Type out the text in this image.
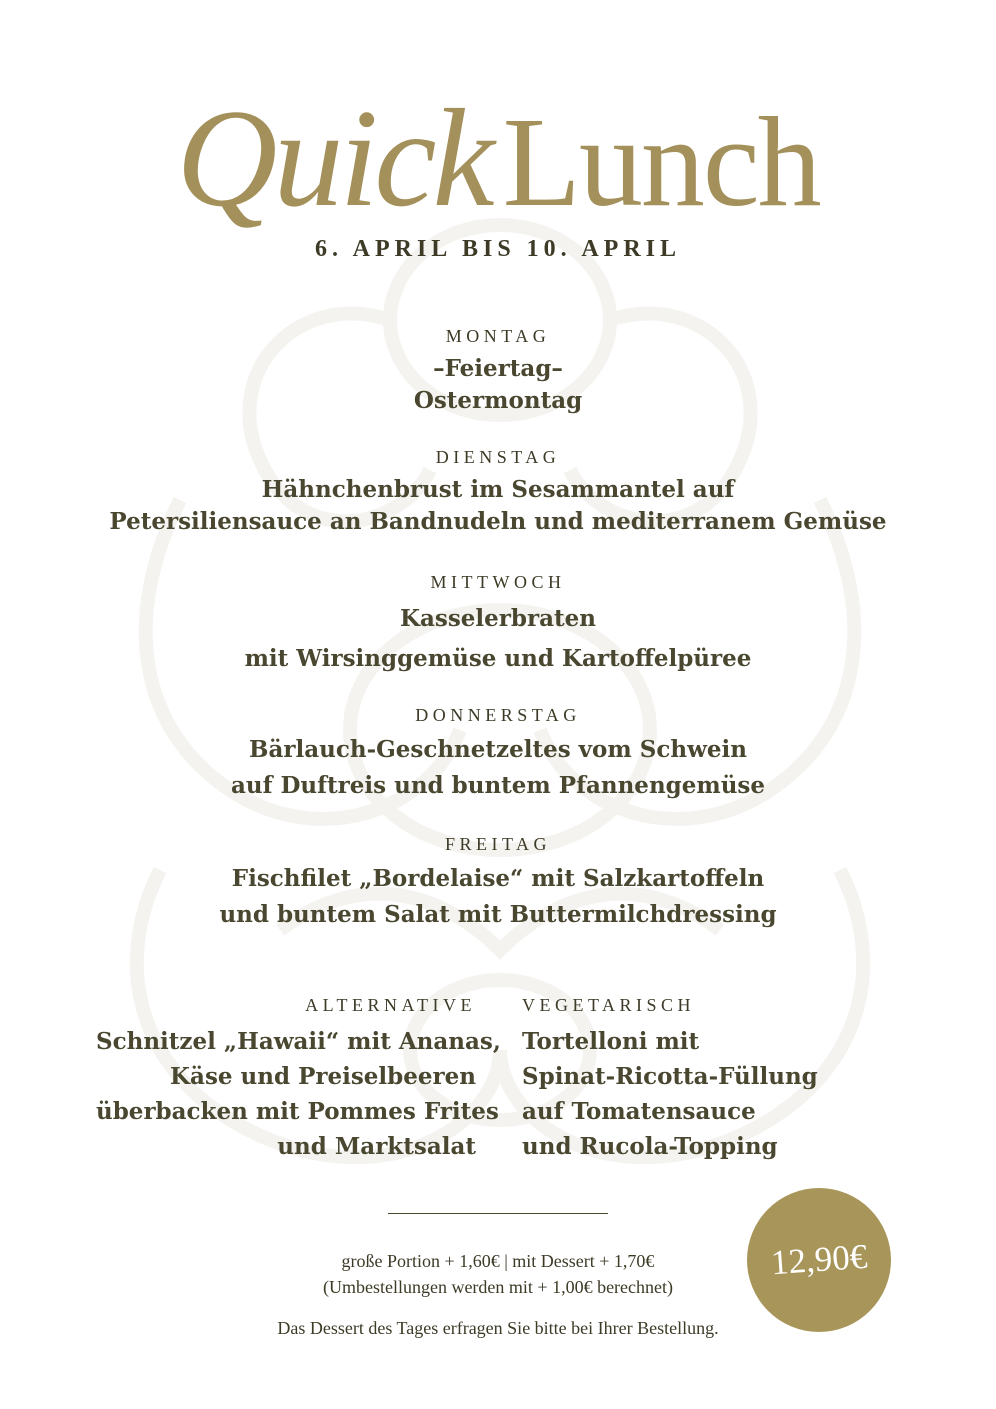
QuickLunch
6. APRIL BIS 10. APRIL
MONTAG
–Feiertag–
Ostermontag
DIENSTAG
Hähnchenbrust im Sesammantel auf
Petersiliensauce an Bandnudeln und mediterranem Gemüse
MITTWOCH
Kasselerbraten
mit Wirsinggemüse und Kartoffelpüree
DONNERSTAG
Bärlauch-Geschnetzeltes vom Schwein
auf Duftreis und buntem Pfannengemüse
FREITAG
Fischfilet „Bordelaise“ mit Salzkartoffeln
und buntem Salat mit Buttermilchdressing
ALTERNATIVE
Schnitzel „Hawaii“ mit Ananas,
Käse und Preiselbeeren
überbacken mit Pommes Frites
und Marktsalat
VEGETARISCH
Tortelloni mit
Spinat-Ricotta-Füllung
auf Tomatensauce
und Rucola-Topping
große Portion + 1,60€ | mit Dessert + 1,70€
(Umbestellungen werden mit + 1,00€ berechnet)
Das Dessert des Tages erfragen Sie bitte bei Ihrer Bestellung.
12,90€
